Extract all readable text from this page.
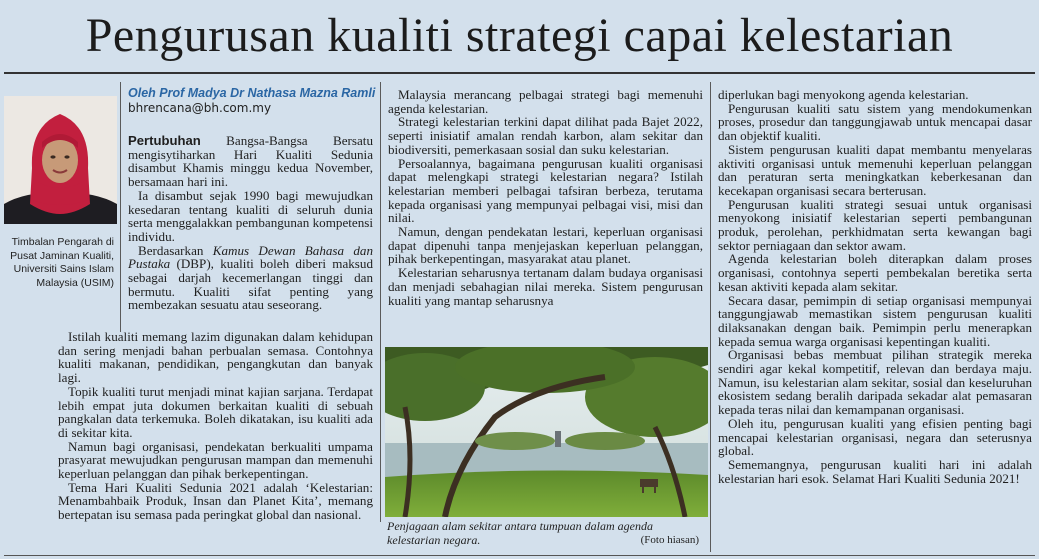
Pengurusan kualiti strategi capai kelestarian
Timbalan Pengarah di Pusat Jaminan Kualiti, Universiti Sains Islam Malaysia (USIM)
Oleh Prof Madya Dr Nathasa Mazna Ramli
bhrencana@bh.com.my

Pertubuhan Bangsa-Bangsa Bersatu mengisytiharkan Hari Kualiti Sedunia disambut Khamis minggu kedua November, bersamaan hari ini.

Ia disambut sejak 1990 bagi mewujudkan kesedaran tentang kualiti di seluruh dunia serta menggalakkan pembangunan kompetensi individu.

Berdasarkan Kamus Dewan Bahasa dan Pustaka (DBP), kualiti boleh diberi maksud sebagai darjah kecemerlangan tinggi dan bermutu. Kualiti sifat penting yang membezakan sesuatu atau seseorang.

Istilah kualiti memang lazim digunakan dalam kehidupan dan sering menjadi bahan perbualan semasa. Contohnya kualiti makanan, pendidikan, pengangkutan dan banyak lagi.

Topik kualiti turut menjadi minat kajian sarjana. Terdapat lebih empat juta dokumen berkaitan kualiti di sebuah pangkalan data terkemuka. Boleh dikatakan, isu kualiti ada di sekitar kita.

Namun bagi organisasi, pendekatan berkualiti umpama prasyarat mewujudkan pengurusan mampan dan memenuhi keperluan pelanggan dan pihak berkepentingan.

Tema Hari Kualiti Sedunia 2021 adalah ‘Kelestarian: Menambahbaik Produk, Insan dan Planet Kita’, memang bertepatan isu semasa pada peringkat global dan nasional.

Malaysia merancang pelbagai strategi bagi memenuhi agenda kelestarian.

Strategi kelestarian terkini dapat dilihat pada Bajet 2022, seperti inisiatif amalan rendah karbon, alam sekitar dan biodiversiti, pemerkasaan sosial dan suku kelestarian.

Persoalannya, bagaimana pengurusan kualiti organisasi dapat melengkapi strategi kelestarian negara? Istilah kelestarian memberi pelbagai tafsiran berbeza, terutama kepada organisasi yang mempunyai pelbagai visi, misi dan nilai.

Namun, dengan pendekatan lestari, keperluan organisasi dapat dipenuhi tanpa menjejaskan keperluan pelanggan, pihak berkepentingan, masyarakat atau planet.

Kelestarian seharusnya tertanam dalam budaya organisasi dan menjadi sebahagian nilai mereka. Sistem pengurusan kualiti yang mantap seharusnya

Penjagaan alam sekitar antara tumpuan dalam agenda kelestarian negara.	(Foto hiasan)

diperlukan bagi menyokong agenda kelestarian.

Pengurusan kualiti satu sistem yang mendokumenkan proses, prosedur dan tanggungjawab untuk mencapai dasar dan objektif kualiti.

Sistem pengurusan kualiti dapat membantu menyelaras aktiviti organisasi untuk memenuhi keperluan pelanggan dan peraturan serta meningkatkan keberkesanan dan kecekapan organisasi secara berterusan.

Pengurusan kualiti strategi sesuai untuk organisasi menyokong inisiatif kelestarian seperti pembangunan produk, perolehan, perkhidmatan serta kewangan bagi sektor perniagaan dan sektor awam.

Agenda kelestarian boleh diterapkan dalam proses organisasi, contohnya seperti pembekalan beretika serta kesan aktiviti kepada alam sekitar.

Secara dasar, pemimpin di setiap organisasi mempunyai tanggungjawab memastikan sistem pengurusan kualiti dilaksanakan dengan baik. Pemimpin perlu menerapkan kepada semua warga organisasi kepentingan kualiti.

Organisasi bebas membuat pilihan strategik mereka sendiri agar kekal kompetitif, relevan dan berdaya maju. Namun, isu kelestarian alam sekitar, sosial dan keseluruhan ekosistem sedang beralih daripada sekadar alat pemasaran kepada teras nilai dan kemampanan organisasi.

Oleh itu, pengurusan kualiti yang efisien penting bagi mencapai kelestarian organisasi, negara dan seterusnya global.

Sememangnya, pengurusan kualiti hari ini adalah kelestarian hari esok. Selamat Hari Kualiti Sedunia 2021!
